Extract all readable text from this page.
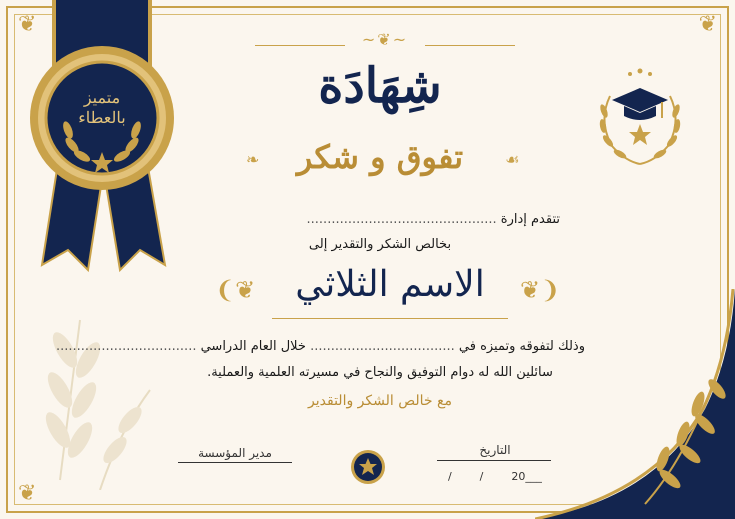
❦	❦
❦
متميز
بالعطاء
~❦~
شِهَادَة
❧	☙
تفوق و شكر
تتقدم إدارة ..............................................
بخالص الشكر والتقدير إلى
❨❦	❦❩
الاسم الثلاثي
وذلك لتفوقه وتميزه في ................................... خلال العام الدراسي ..................................
سائلين الله له دوام التوفيق والنجاح في مسيرته العلمية والعملية.
مع خالص الشكر والتقدير
مدير المؤسسة	التاريخ
/        /        20___
